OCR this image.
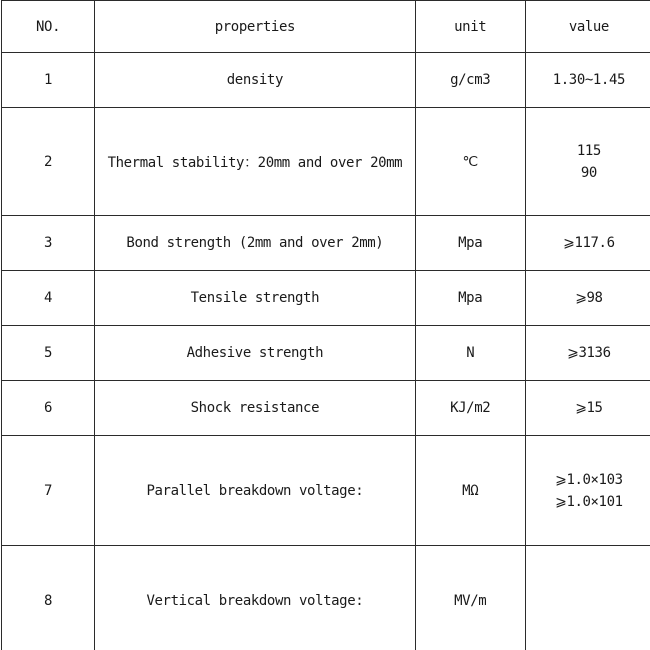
NO.	properties	unit	value
1	density	g/cm3	1.30~1.45

2	Thermal stability：20mm and over 20mm	℃	115
90

3	Bond strength (2mm and over 2mm)	Mpa	⩾117.6

4	Tensile strength	Mpa	⩾98

5	Adhesive strength	N	⩾3136

6	Shock resistance	KJ/m2	⩾15

7	Parallel breakdown voltage:	MΩ	⩾1.0×103
⩾1.0×101

8	Vertical breakdown voltage:	MV/m	
